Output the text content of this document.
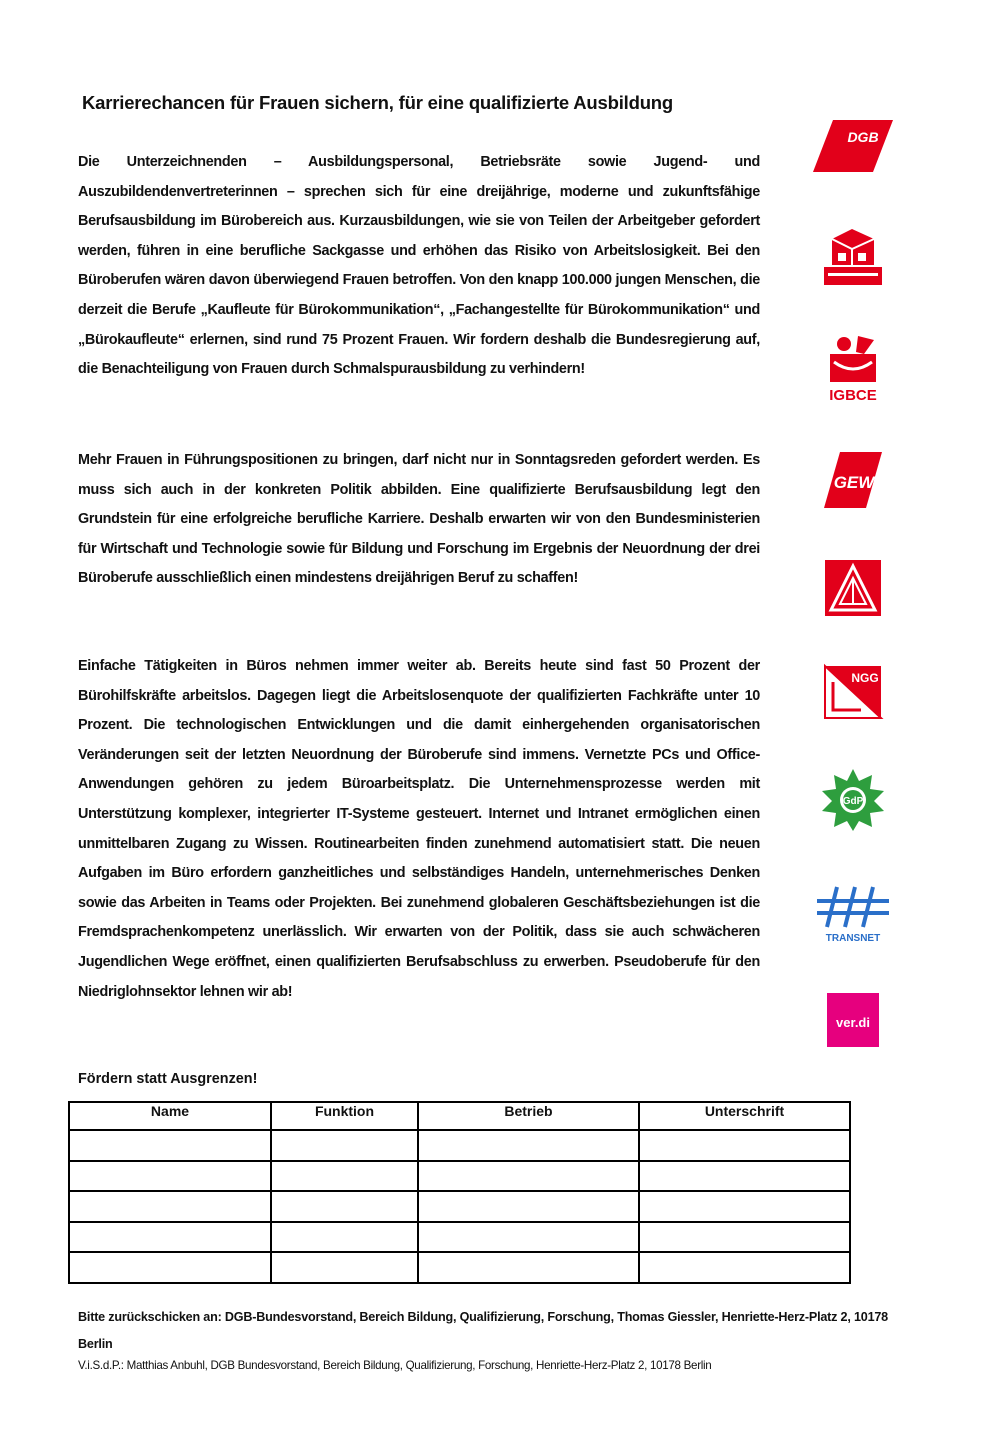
Karrierechancen für Frauen sichern, für eine qualifizierte Ausbildung
Die Unterzeichnenden – Ausbildungspersonal, Betriebsräte sowie Jugend- und Auszubildendenvertreterinnen – sprechen sich für eine dreijährige, moderne und zukunftsfähige Berufsausbildung im Bürobereich aus. Kurzausbildungen, wie sie von Teilen der Arbeitgeber gefordert werden, führen in eine berufliche Sackgasse und erhöhen das Risiko von Arbeitslosigkeit. Bei den Büroberufen wären davon überwiegend Frauen betroffen. Von den knapp 100.000 jungen Menschen, die derzeit die Berufe „Kaufleute für Bürokommunikation“, „Fachangestellte für Bürokommunikation“ und „Bürokaufleute“ erlernen, sind rund 75 Prozent Frauen. Wir fordern deshalb die Bundesregierung auf, die Benachteiligung von Frauen durch Schmalspurausbildung zu verhindern!
Mehr Frauen in Führungspositionen zu bringen, darf nicht nur in Sonntagsreden gefordert werden. Es muss sich auch in der konkreten Politik abbilden. Eine qualifizierte Berufsausbildung legt den Grundstein für eine erfolgreiche berufliche Karriere. Deshalb erwarten wir von den Bundesministerien für Wirtschaft und Technologie sowie für Bildung und Forschung im Ergebnis der Neuordnung der drei Büroberufe ausschließlich einen mindestens dreijährigen Beruf zu schaffen!
Einfache Tätigkeiten in Büros nehmen immer weiter ab. Bereits heute sind fast 50 Prozent der Bürohilfskräfte arbeitslos. Dagegen liegt die Arbeitslosenquote der qualifizierten Fachkräfte unter 10 Prozent. Die technologischen Entwicklungen und die damit einhergehenden organisatorischen Veränderungen seit der letzten Neuordnung der Büroberufe sind immens. Vernetzte PCs und Office-Anwendungen gehören zu jedem Büroarbeitsplatz. Die Unternehmensprozesse werden mit Unterstützung komplexer, integrierter IT-Systeme gesteuert. Internet und Intranet ermöglichen einen unmittelbaren Zugang zu Wissen. Routinearbeiten finden zunehmend automatisiert statt. Die neuen Aufgaben im Büro erfordern ganzheitliches und selbständiges Handeln, unternehmerisches Denken sowie das Arbeiten in Teams oder Projekten. Bei zunehmend globaleren Geschäftsbeziehungen ist die Fremdsprachenkompetenz unerlässlich. Wir erwarten von der Politik, dass sie auch schwächeren Jugendlichen Wege eröffnet, einen qualifizierten Berufsabschluss zu erwerben. Pseudoberufe für den Niedriglohnsektor lehnen wir ab!
Fördern statt Ausgrenzen!
Name	Funktion	Betrieb	Unterschrift

Bitte zurückschicken an: DGB-Bundesvorstand, Bereich Bildung, Qualifizierung, Forschung, Thomas Giessler, Henriette-Herz-Platz 2, 10178 Berlin
V.i.S.d.P.: Matthias Anbuhl, DGB Bundesvorstand, Bereich Bildung, Qualifizierung, Forschung, Henriette-Herz-Platz 2, 10178 Berlin
DGB
IGBCE
GEW
NGG
GdP
TRANSNET
ver.di
